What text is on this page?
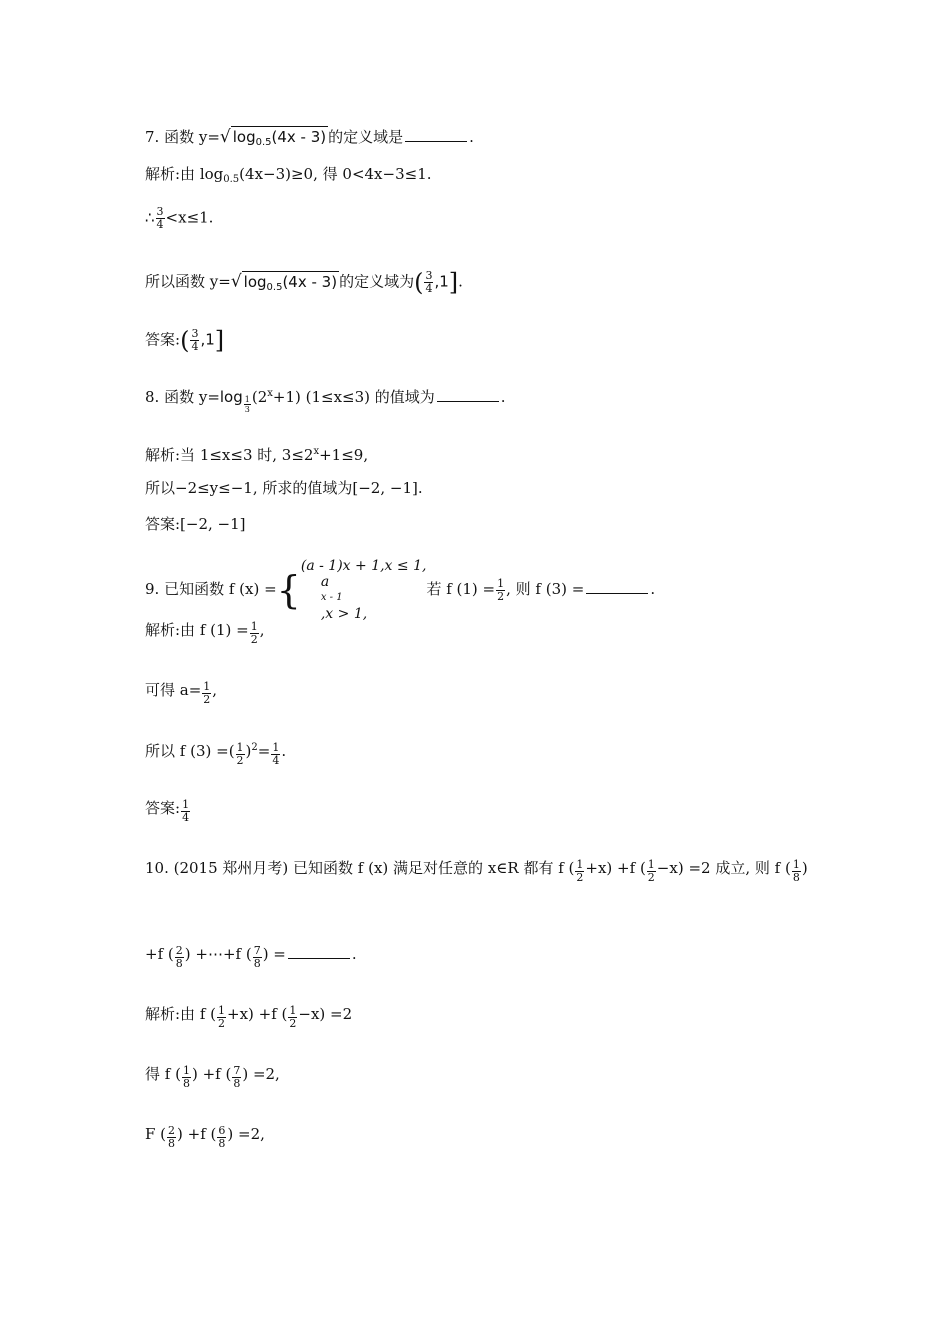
7. 函数 y=√ $\log_{0.5}(4x - 3)$ 的定义域是	.
解析:由 $\log_{0.5}(4x-3)\ge 0$, 得 0<4x−3≤1.
∴ $\frac{3}{4} <x\le 1$.
所以函数 y=√ $\log_{0.5}(4x - 3)$ 的定义域为( $\frac{3}{4} ,1$].
答案:( $\frac{3}{4} ,1$]
8. 函数 $y=\log \frac{1}{3} (2^x+1)$ (1≤x≤3) 的值域为	.
解析:当 1≤x≤3 时, $3\le 2^x+1\le 9$,
所以−2≤y≤−1, 所求的值域为[−2, −1].
答案:[−2, −1]
9. 已知函数 f (x) ={
(a - 1)x + 1,x ≤ 1,
a
x - 1
,x > 1,
若 f $(1) = \frac{1}{2}$ , 则 f (3) =	.
解析:由 f $(1) = \frac{1}{2}$ ,
可得 $a= \frac{1}{2}$ ,
所以 f (3) =( $\frac{1}{2} )^2= \frac{1}{4}$ .
答案: $\frac{1}{4}$
10. (2015 郑州月考) 已知函数 f (x) 满足对任意的 x∈R 都有 f ( $\frac{1}{2} +x) +f$ ( $\frac{1}{2} -x) =2$ 成立, 则 f ( $\frac{1}{8}$ )
+f ( $\frac{2}{8}$ ) +⋯+f ( $\frac{7}{8}$ ) =	.
解析:由 f ( $\frac{1}{2} +x) +f$ ( $\frac{1}{2} -x) =2$
得 f ( $\frac{1}{8}$ ) +f ( $\frac{7}{8}$ ) =2,
F ( $\frac{2}{8}$ ) +f ( $\frac{6}{8}$ ) =2,
